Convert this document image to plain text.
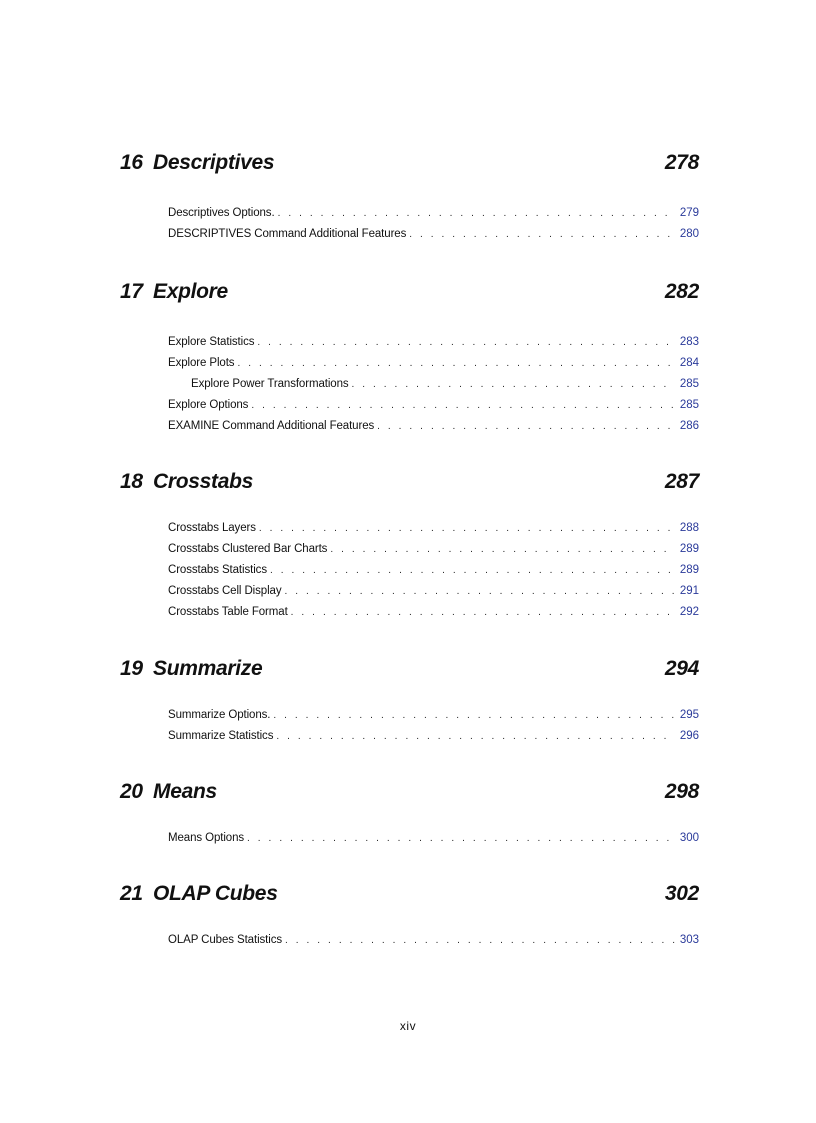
16 Descriptives	278
Descriptives Options. . . .	279
DESCRIPTIVES Command Additional Features . . .	280
17 Explore	282
Explore Statistics . . .	283
Explore Plots . . .	284
Explore Power Transformations . . .	285
Explore Options . . .	285
EXAMINE Command Additional Features . . .	286
18 Crosstabs	287
Crosstabs Layers . . .	288
Crosstabs Clustered Bar Charts . . .	289
Crosstabs Statistics . . .	289
Crosstabs Cell Display . . .	291
Crosstabs Table Format . . .	292
19 Summarize	294
Summarize Options. . . .	295
Summarize Statistics . . .	296
20 Means	298
Means Options . . .	300
21 OLAP Cubes	302
OLAP Cubes Statistics . . .	303
xiv
